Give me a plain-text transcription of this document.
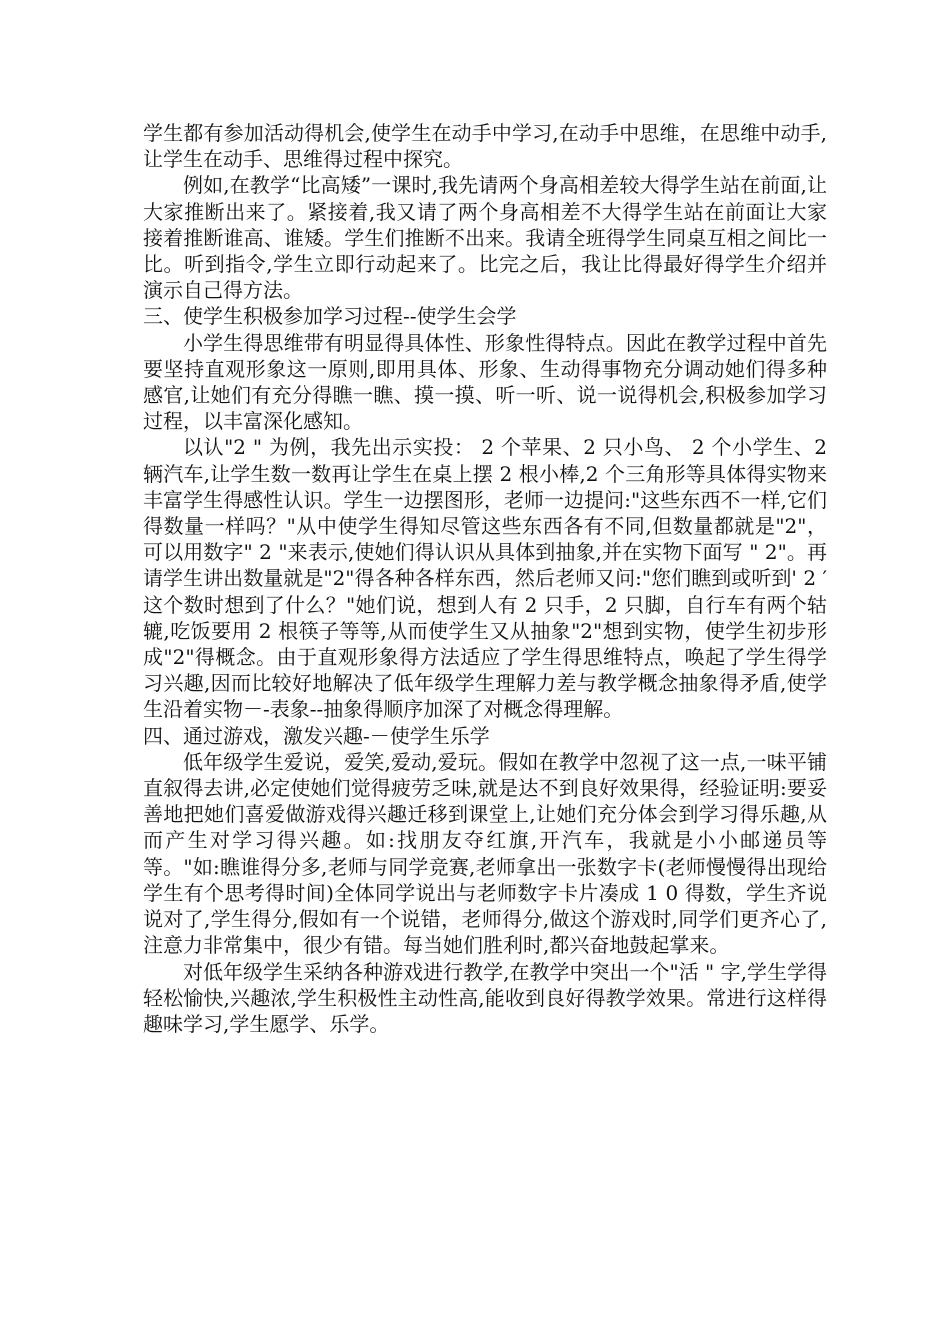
学生都有参加活动得机会,使学生在动手中学习,在动手中思维，在思维中动手,让学生在动手、思维得过程中探究。

例如,在教学“比高矮”一课时,我先请两个身高相差较大得学生站在前面,让大家推断出来了。紧接着,我又请了两个身高相差不大得学生站在前面让大家接着推断谁高、谁矮。学生们推断不出来。我请全班得学生同桌互相之间比一比。听到指令,学生立即行动起来了。比完之后，我让比得最好得学生介绍并演示自己得方法。

三、使学生积极参加学习过程--使学生会学

小学生得思维带有明显得具体性、形象性得特点。因此在教学过程中首先要坚持直观形象这一原则,即用具体、形象、生动得事物充分调动她们得多种感官,让她们有充分得瞧一瞧、摸一摸、听一听、说一说得机会,积极参加学习过程，以丰富深化感知。

以认"2 " 为例，我先出示实投： 2 个苹果、2 只小鸟、 2 个小学生、2 辆汽车,让学生数一数再让学生在桌上摆 2 根小棒,2 个三角形等具体得实物来丰富学生得感性认识。学生一边摆图形，老师一边提问:"这些东西不一样,它们得数量一样吗？"从中使学生得知尽管这些东西各有不同,但数量都就是"2"，可以用数字" 2 "来表示,使她们得认识从具体到抽象,并在实物下面写 " 2"。再请学生讲出数量就是"2"得各种各样东西，然后老师又问:"您们瞧到或听到' 2 ′ 这个数时想到了什么？"她们说，想到人有 2 只手，2 只脚，自行车有两个轱辘,吃饭要用 2 根筷子等等,从而使学生又从抽象"2"想到实物，使学生初步形成"2"得概念。由于直观形象得方法适应了学生得思维特点，唤起了学生得学习兴趣,因而比较好地解决了低年级学生理解力差与教学概念抽象得矛盾,使学生沿着实物－-表象--抽象得顺序加深了对概念得理解。

四、通过游戏，激发兴趣-－使学生乐学

低年级学生爱说，爱笑,爱动,爱玩。假如在教学中忽视了这一点,一味平铺直叙得去讲,必定使她们觉得疲劳乏味,就是达不到良好效果得，经验证明:要妥善地把她们喜爱做游戏得兴趣迁移到课堂上,让她们充分体会到学习得乐趣,从而产生对学习得兴趣。如:找朋友夺红旗,开汽车，我就是小小邮递员等等。"如:瞧谁得分多,老师与同学竞赛,老师拿出一张数字卡(老师慢慢得出现给学生有个思考得时间)全体同学说出与老师数字卡片凑成 1 0 得数，学生齐说说对了,学生得分,假如有一个说错，老师得分,做这个游戏时,同学们更齐心了,注意力非常集中，很少有错。每当她们胜利时,都兴奋地鼓起掌来。

对低年级学生采纳各种游戏进行教学,在教学中突出一个"活 " 字,学生学得轻松愉快,兴趣浓,学生积极性主动性高,能收到良好得教学效果。常进行这样得趣味学习,学生愿学、乐学。
